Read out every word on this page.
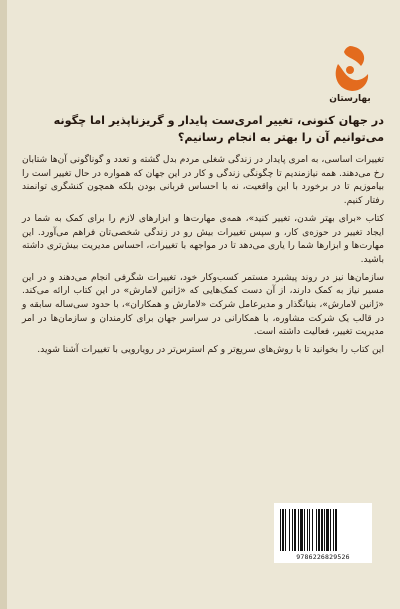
بهارستان
در جهان کنونی، تغییر امری‌ست پایدار و گریزناپذیر اما چگونه می‌توانیم آن را بهتر به انجام رسانیم؟

تغییرات اساسی، به امری پایدار در زندگی شغلی مردم بدل گشته و تعدد و گوناگونی آن‌ها شتابان رخ می‌دهند. همه نیازمندیم تا چگونگی زندگی و کار در این جهان که همواره در حال تغییر است را بیاموزیم تا در برخورد با این واقعیت، نه با احساس قربانی بودن بلکه همچون کنشگری توانمند رفتار کنیم.

کتاب «برای بهتر شدن، تغییر کنید»، همه‌ی مهارت‌ها و ابزارهای لازم را برای کمک به شما در ایجاد تغییر در حوزه‌ی کار، و سپس تغییرات بیش رو در زندگی شخصی‌تان فراهم می‌آورد. این مهارت‌ها و ابزارها شما را یاری می‌دهد تا در مواجهه با تغییرات، احساس مدیریت بیش‌تری داشته باشید.

سازمان‌ها نیز در روند پیشبرد مستمر کسب‌وکار خود، تغییرات شگرفی انجام می‌دهند و در این مسیر نیاز به کمک دارند، از آن دست کمک‌هایی که «ژانین لامارش» در این کتاب ارائه می‌کند. «ژانین لامارش»، بنیانگذار و مدیرعامل شرکت «لامارش و همکاران»، با حدود سی‌ساله سابقه و در قالب یک شرکت مشاوره، با همکارانی در سراسر جهان برای کارمندان و سازمان‌ها در امر مدیریت تغییر، فعالیت داشته است.

این کتاب را بخوانید تا با روش‌های سریع‌تر و کم استرس‌تر در رویارویی با تغییرات آشنا شوید.

9786226829526
